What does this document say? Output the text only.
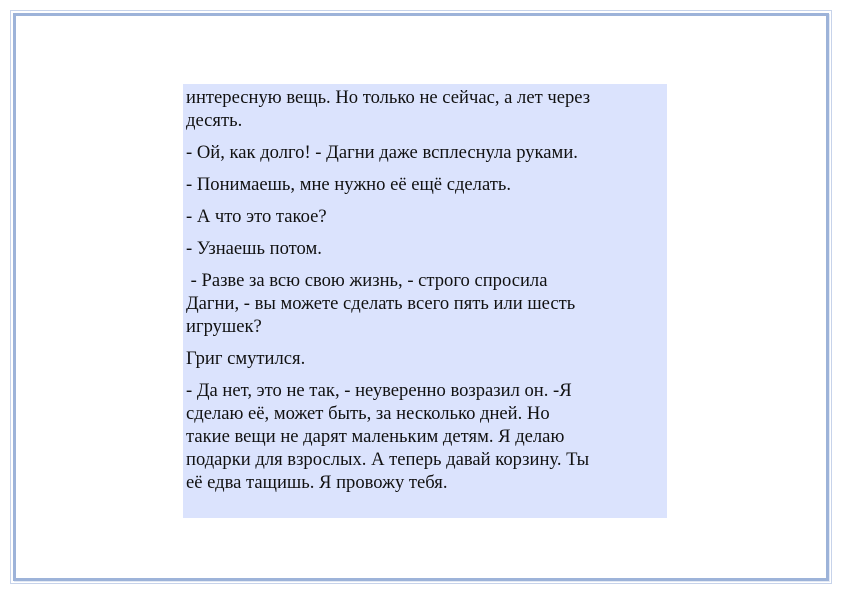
интересную вещь. Но только не сейчас, а лет через
десять.

- Ой, как долго! - Дагни даже всплеснула руками.

- Понимаешь, мне нужно её ещё сделать.

- А что это такое?

- Узнаешь потом.

- Разве за всю свою жизнь, - строго спросила
Дагни, - вы можете сделать всего пять или шесть
игрушек?

Григ смутился.

- Да нет, это не так, - неуверенно возразил он. -Я
сделаю её, может быть, за несколько дней. Но
такие вещи не дарят маленьким детям. Я делаю
подарки для взрослых. А теперь давай корзину. Ты
её едва тащишь. Я провожу тебя.
